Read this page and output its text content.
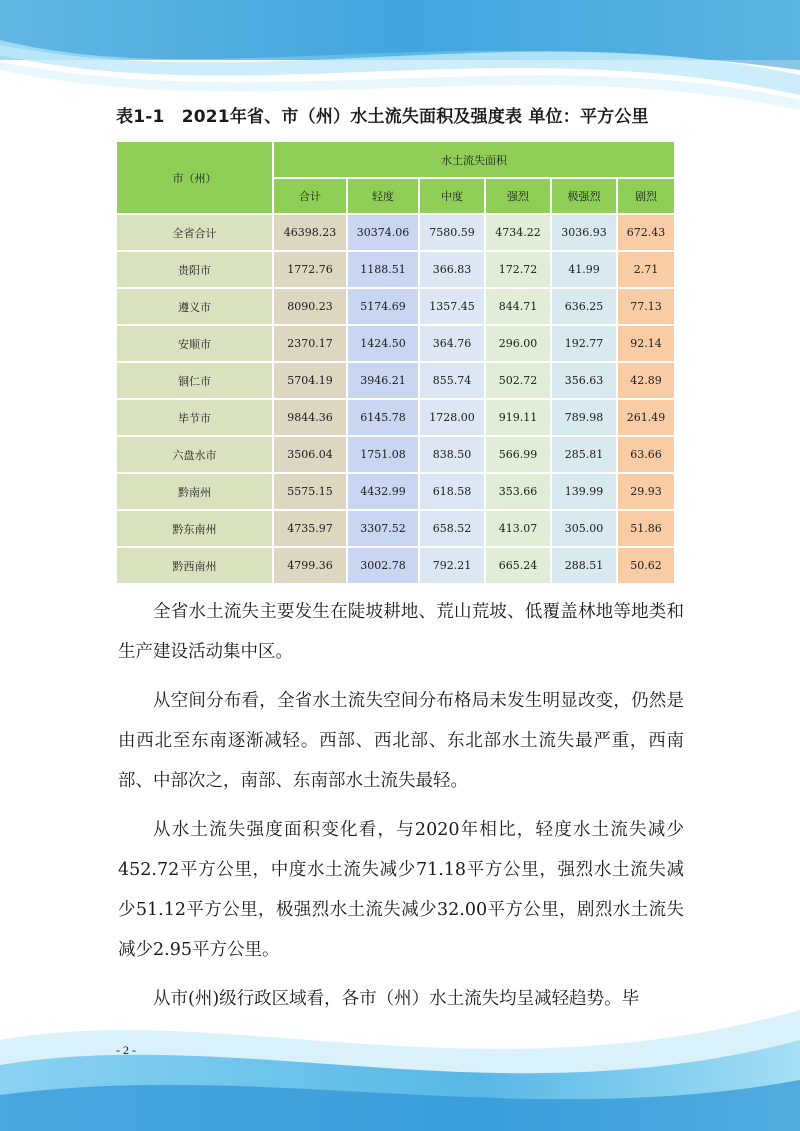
表1-1　2021年省、市（州）水土流失面积及强度表 单位：平方公里
市（州）	水土流失面积					
	合计	轻度	中度	强烈	极强烈	剧烈
全省合计	46398.23	30374.06	7580.59	4734.22	3036.93	672.43
贵阳市	1772.76	1188.51	366.83	172.72	41.99	2.71
遵义市	8090.23	5174.69	1357.45	844.71	636.25	77.13
安顺市	2370.17	1424.50	364.76	296.00	192.77	92.14
铜仁市	5704.19	3946.21	855.74	502.72	356.63	42.89
毕节市	9844.36	6145.78	1728.00	919.11	789.98	261.49
六盘水市	3506.04	1751.08	838.50	566.99	285.81	63.66
黔南州	5575.15	4432.99	618.58	353.66	139.99	29.93
黔东南州	4735.97	3307.52	658.52	413.07	305.00	51.86
黔西南州	4799.36	3002.78	792.21	665.24	288.51	50.62

全省水土流失主要发生在陡坡耕地、荒山荒坡、低覆盖林地等地类和生产建设活动集中区。

从空间分布看，全省水土流失空间分布格局未发生明显改变，仍然是由西北至东南逐渐减轻。西部、西北部、东北部水土流失最严重，西南部、中部次之，南部、东南部水土流失最轻。

从水土流失强度面积变化看，与2020年相比，轻度水土流失减少452.72平方公里，中度水土流失减少71.18平方公里，强烈水土流失减少51.12平方公里，极强烈水土流失减少32.00平方公里，剧烈水土流失减少2.95平方公里。

从市(州)级行政区域看，各市（州）水土流失均呈减轻趋势。毕

- 2 -
